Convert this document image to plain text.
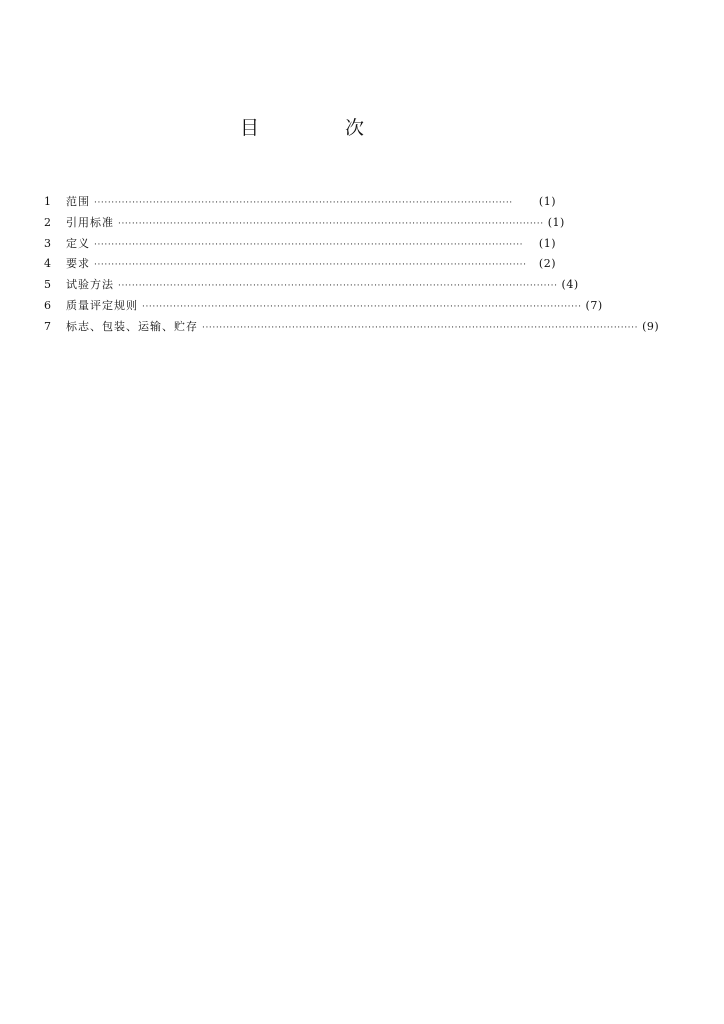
目	次
1	范围 ·························································································································	(1)
2	引用标准 ··························································································································· (1)
3	定义 ····························································································································	(1)
4	要求 ·····························································································································	(2)
5	试验方法 ······························································································································· (4)
6	质量评定规则 ······························································································································· (7)
7	标志、包装、运输、贮存 ······························································································································ (9)
